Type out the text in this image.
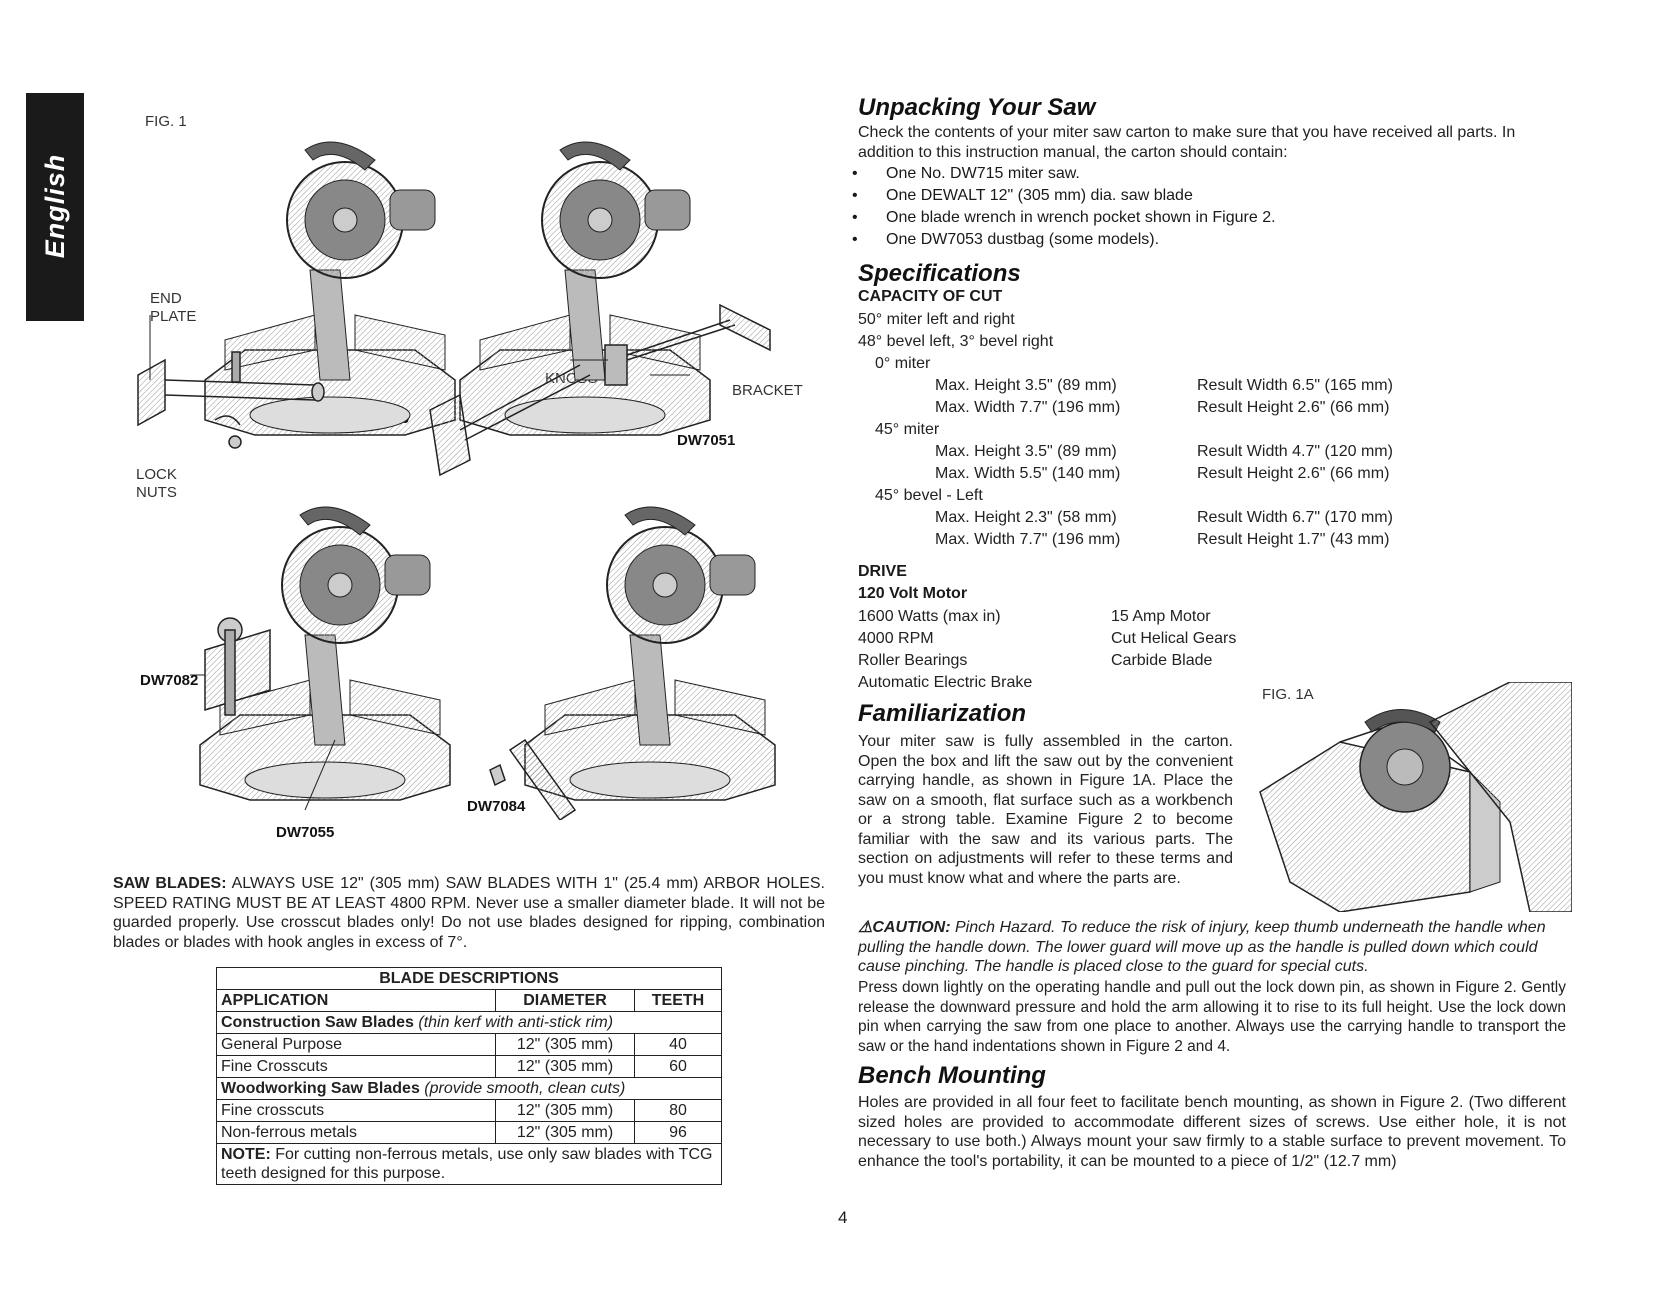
English
FIG. 1
END
PLATE
LOCK
NUTS
BRACKET
DW7051
DW7082
DW7055
DW7084
SAW BLADES: ALWAYS USE 12" (305 mm) SAW BLADES WITH 1" (25.4 mm) ARBOR HOLES. SPEED RATING MUST BE AT LEAST 4800 RPM. Never use a smaller diameter blade. It will not be guarded properly. Use crosscut blades only! Do not use blades designed for ripping, combination blades or blades with hook angles in excess of 7°.
BLADE DESCRIPTIONS		
APPLICATION	DIAMETER	TEETH
Construction Saw Blades (thin kerf with anti-stick rim)		
General Purpose	12" (305 mm)	40
Fine Crosscuts	12" (305 mm)	60
Woodworking Saw Blades (provide smooth, clean cuts)		
Fine crosscuts	12" (305 mm)	80
Non-ferrous metals	12" (305 mm)	96
NOTE: For cutting non-ferrous metals, use only saw blades with TCG teeth designed for this purpose.		
Unpacking Your Saw
Check the contents of your miter saw carton to make sure that you have received all parts. In addition to this instruction manual, the carton should contain:
• One No. DW715 miter saw.
• One DEWALT 12" (305 mm) dia. saw blade
• One blade wrench in wrench pocket shown in Figure 2.
• One DW7053 dustbag (some models).
Specifications
CAPACITY OF CUT
50° miter left and right
48° bevel left, 3° bevel right
0° miter
Max. Height 3.5" (89 mm)	Result Width 6.5" (165 mm)
Max. Width 7.7" (196 mm)	Result Height 2.6" (66 mm)
45° miter
Max. Height 3.5" (89 mm)	Result Width 4.7" (120 mm)
Max. Width 5.5" (140 mm)	Result Height 2.6" (66 mm)
45° bevel - Left
Max. Height 2.3" (58 mm)	Result Width 6.7" (170 mm)
Max. Width 7.7" (196 mm)	Result Height 1.7" (43 mm)
DRIVE
120 Volt Motor
1600 Watts (max in)	15 Amp Motor
4000 RPM	Cut Helical Gears
Roller Bearings	Carbide Blade
Automatic Electric Brake
Familiarization
FIG. 1A
Your miter saw is fully assembled in the carton. Open the box and lift the saw out by the convenient carrying handle, as shown in Figure 1A. Place the saw on a smooth, flat surface such as a workbench or a strong table. Examine Figure 2 to become familiar with the saw and its various parts. The section on adjustments will refer to these terms and you must know what and where the parts are.
⚠CAUTION: Pinch Hazard. To reduce the risk of injury, keep thumb underneath the handle when pulling the handle down. The lower guard will move up as the handle is pulled down which could cause pinching. The handle is placed close to the guard for special cuts.
Press down lightly on the operating handle and pull out the lock down pin, as shown in Figure 2. Gently release the downward pressure and hold the arm allowing it to rise to its full height. Use the lock down pin when carrying the saw from one place to another. Always use the carrying handle to transport the saw or the hand indentations shown in Figure 2 and 4.
Bench Mounting
Holes are provided in all four feet to facilitate bench mounting, as shown in Figure 2. (Two different sized holes are provided to accommodate different sizes of screws. Use either hole, it is not necessary to use both.) Always mount your saw firmly to a stable surface to prevent movement. To enhance the tool's portability, it can be mounted to a piece of 1/2" (12.7 mm)
4
